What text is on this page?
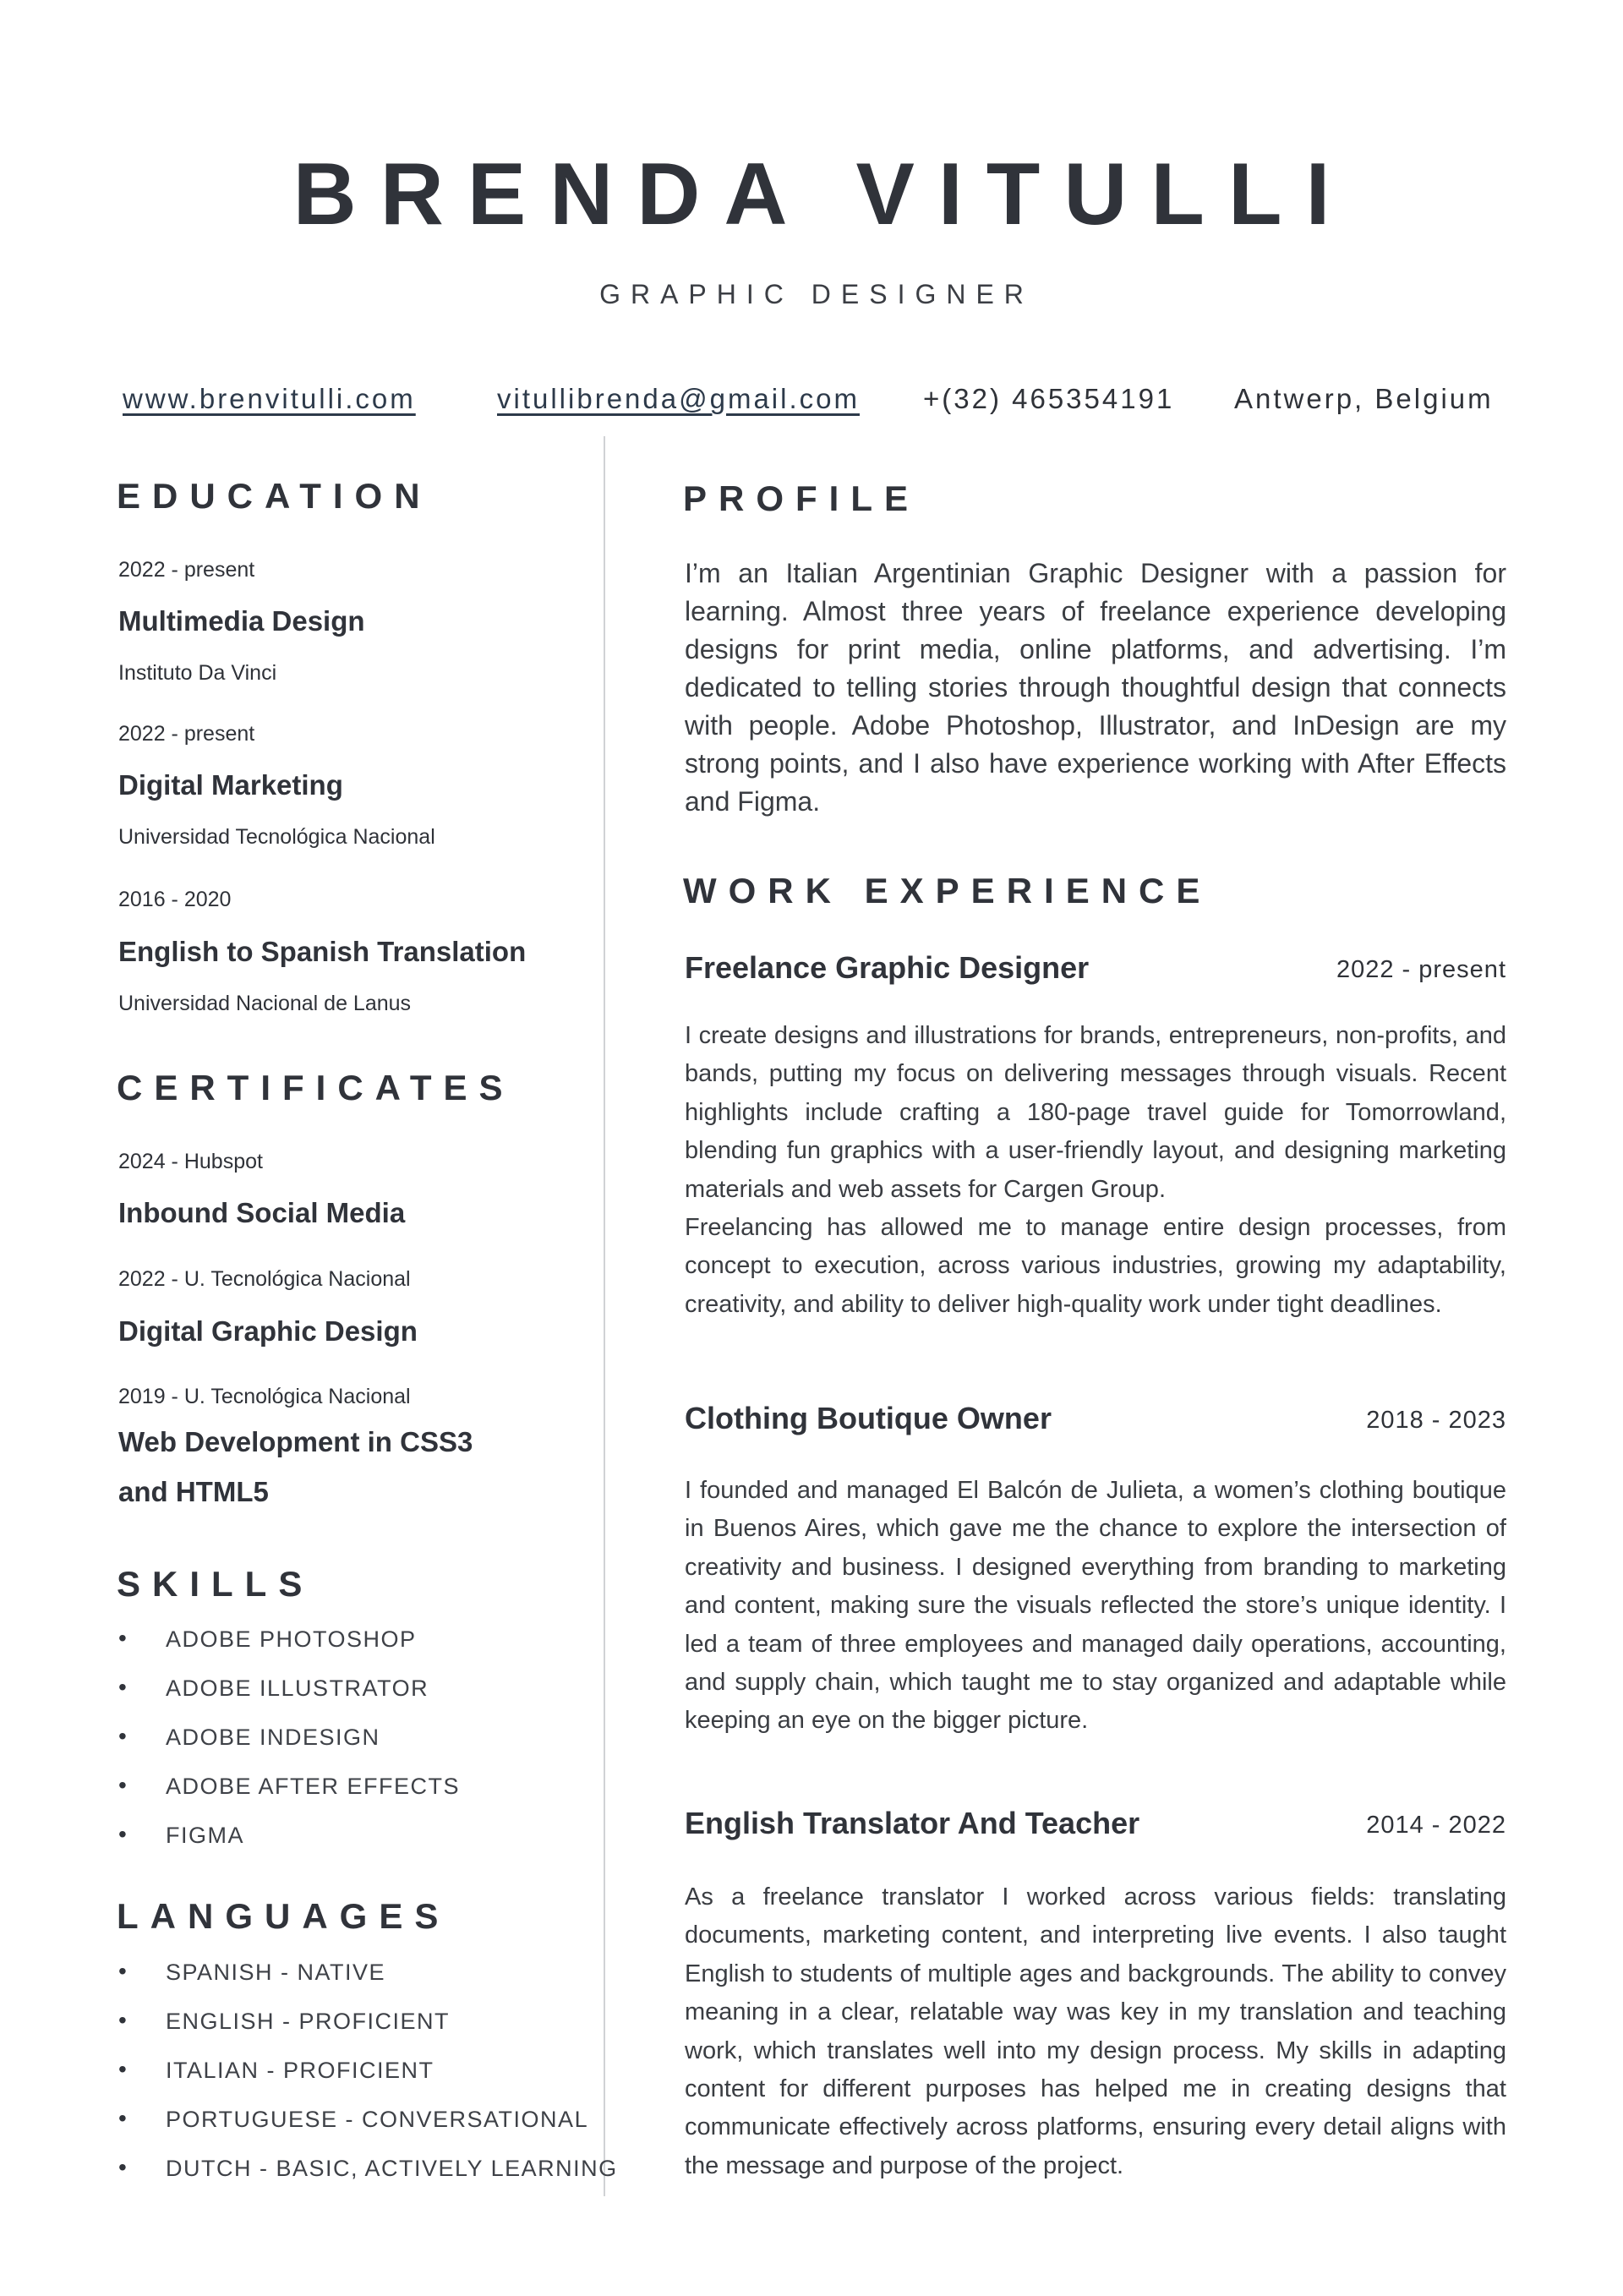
BRENDA VITULLI
GRAPHIC DESIGNER
www.brenvitulli.com	vitullibrenda@gmail.com +(32) 465354191 Antwerp, Belgium
EDUCATION
2022 - present
Multimedia Design
Instituto Da Vinci
2022 - present
Digital Marketing
Universidad Tecnológica Nacional
2016 - 2020
English to Spanish Translation
Universidad Nacional de Lanus
CERTIFICATES
2024 - Hubspot
Inbound Social Media
2022 - U. Tecnológica Nacional
Digital Graphic Design
2019 - U. Tecnológica Nacional
Web Development in CSS3
and HTML5
SKILLS
• ADOBE PHOTOSHOP
• ADOBE ILLUSTRATOR
• ADOBE INDESIGN
• ADOBE AFTER EFFECTS
• FIGMA
LANGUAGES
• SPANISH - NATIVE
• ENGLISH - PROFICIENT
• ITALIAN - PROFICIENT
• PORTUGUESE - CONVERSATIONAL
• DUTCH - BASIC, ACTIVELY LEARNING
PROFILE

I’m an Italian Argentinian Graphic Designer with a passion for learning. Almost three years of freelance experience developing designs for print media, online platforms, and advertising. I’m dedicated to telling stories through thoughtful design that connects with people. Adobe Photoshop, Illustrator, and InDesign are my strong points, and I also have experience working with After Effects and Figma.

WORK EXPERIENCE
Freelance Graphic Designer	2022 - present

I create designs and illustrations for brands, entrepreneurs, non-profits, and bands, putting my focus on delivering messages through visuals. Recent highlights include crafting a 180-page travel guide for Tomorrowland, blending fun graphics with a user-friendly layout, and designing marketing materials and web assets for Cargen Group.

Freelancing has allowed me to manage entire design processes, from concept to execution, across various industries, growing my adaptability, creativity, and ability to deliver high-quality work under tight deadlines.

Clothing Boutique Owner	2018 - 2023

I founded and managed El Balcón de Julieta, a women’s clothing boutique in Buenos Aires, which gave me the chance to explore the intersection of creativity and business. I designed everything from branding to marketing and content, making sure the visuals reflected the store’s unique identity. I led a team of three employees and managed daily operations, accounting, and supply chain, which taught me to stay organized and adaptable while keeping an eye on the bigger picture.

English Translator And Teacher	2014 - 2022

As a freelance translator I worked across various fields: translating documents, marketing content, and interpreting live events. I also taught English to students of multiple ages and backgrounds. The ability to convey meaning in a clear, relatable way was key in my translation and teaching work, which translates well into my design process. My skills in adapting content for different purposes has helped me in creating designs that communicate effectively across platforms, ensuring every detail aligns with the message and purpose of the project.
